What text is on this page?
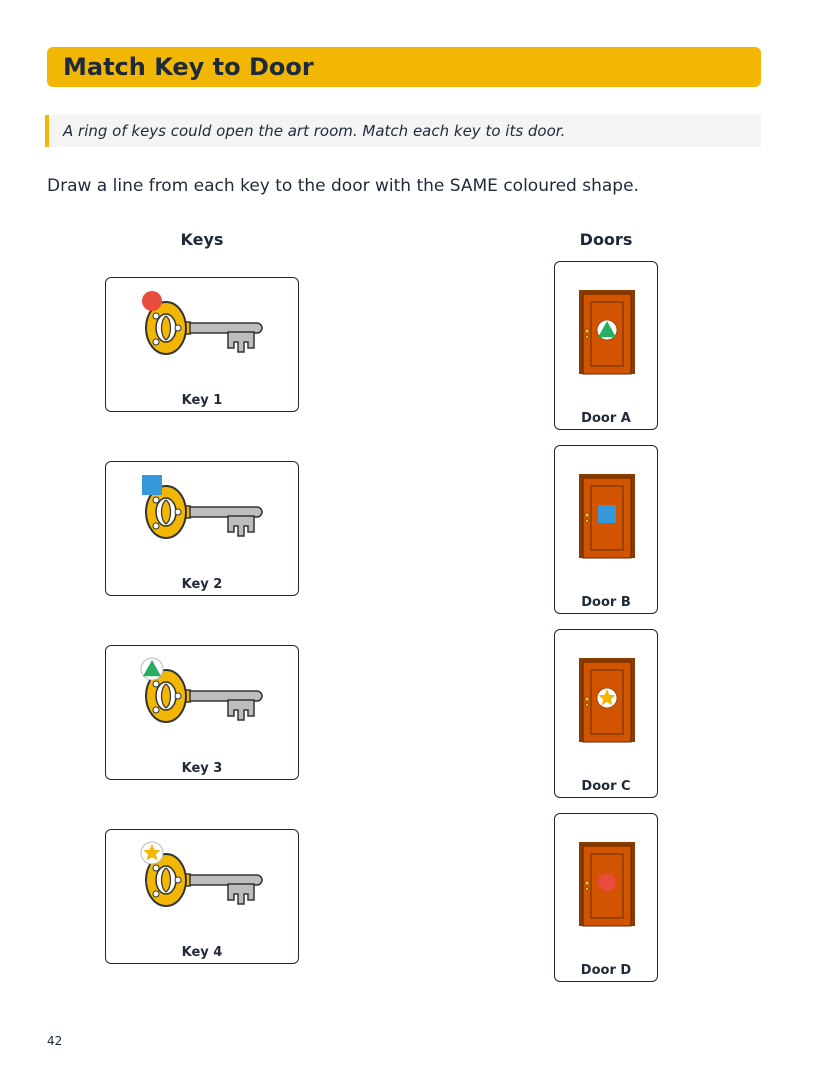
Match Key to Door
A ring of keys could open the art room. Match each key to its door.

Draw a line from each key to the door with the SAME coloured shape.

Keys	Doors
Key 1
Key 2
Key 3
Key 4
Door A
Door B
Door C
Door D
42
